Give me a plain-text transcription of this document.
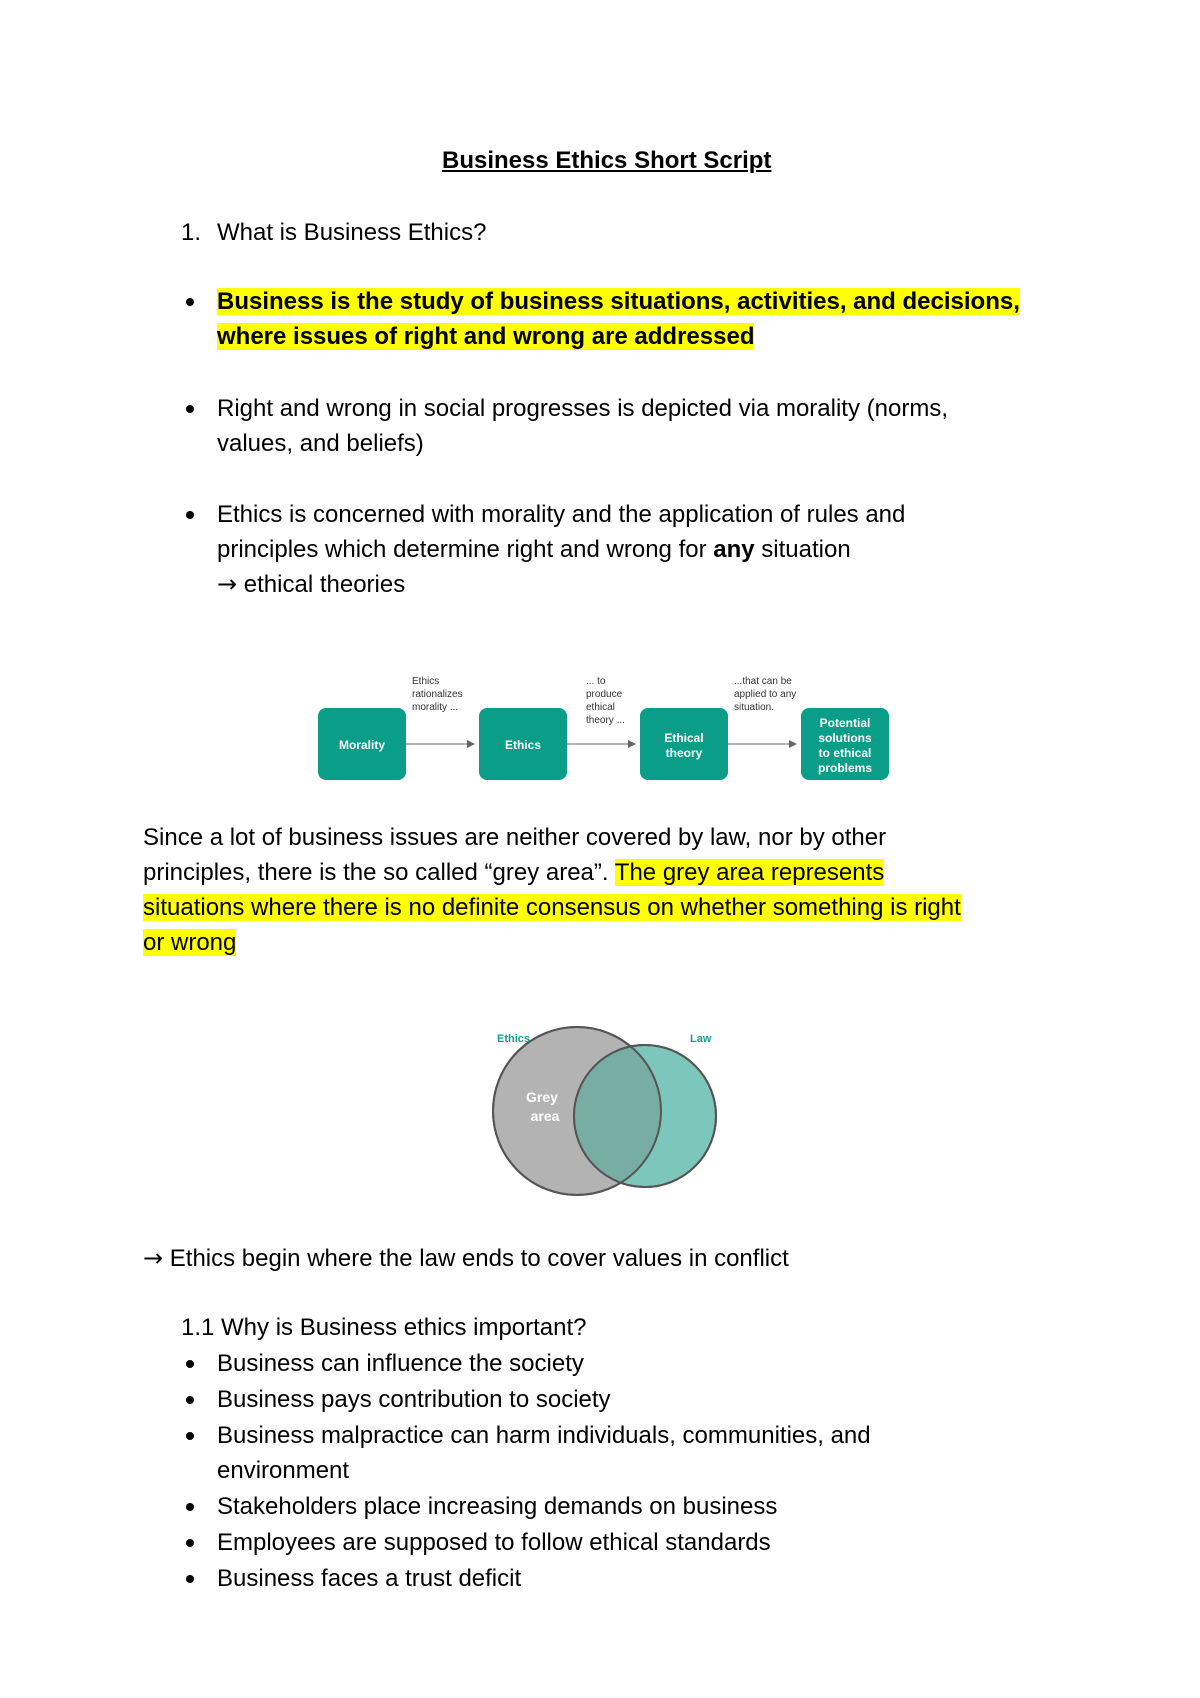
Business Ethics Short Script
1. What is Business Ethics?
Business is the study of business situations, activities, and decisions,
where issues of right and wrong are addressed
Right and wrong in social progresses is depicted via morality (norms,
values, and beliefs)
Ethics is concerned with morality and the application of rules and
principles which determine right and wrong for any situation
→ ethical theories
Ethics
rationalizes
morality ...
... to
produce
ethical
theory ...
...that can be
applied to any
situation.
Morality	Ethics	Ethical
theory
Potential
solutions
to ethical
problems
Since a lot of business issues are neither covered by law, nor by other
principles, there is the so called “grey area”. The grey area represents
situations where there is no definite consensus on whether something is right
or wrong
Ethics	Law
Grey
area
→ Ethics begin where the law ends to cover values in conflict
1.1 Why is Business ethics important?
Business can influence the society
Business pays contribution to society
Business malpractice can harm individuals, communities, and
environment
Stakeholders place increasing demands on business
Employees are supposed to follow ethical standards
Business faces a trust deficit
